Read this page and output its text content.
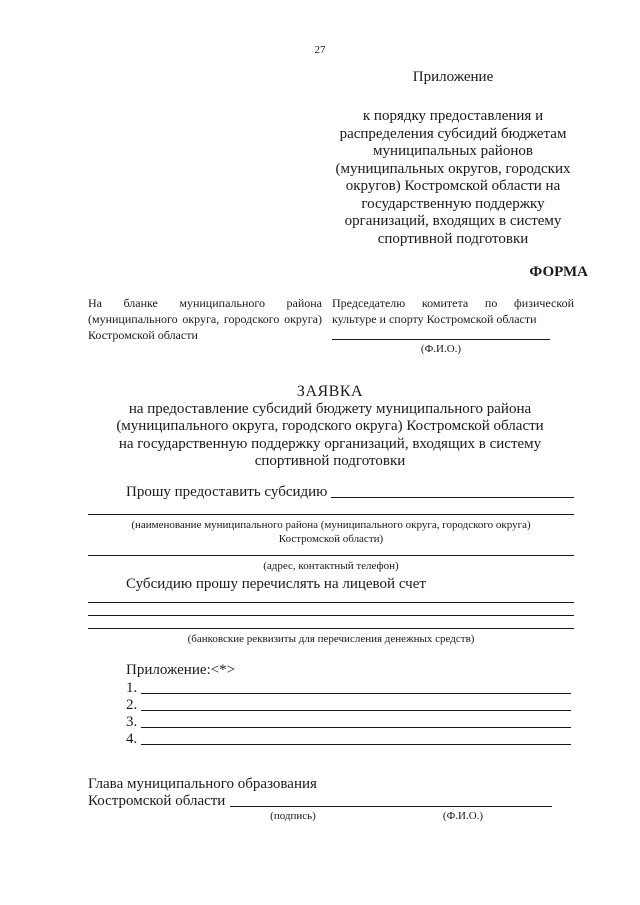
27
Приложение
к порядку предоставления и
распределения субсидий бюджетам
муниципальных районов
(муниципальных округов, городских
округов) Костромской области на
государственную поддержку
организаций, входящих в систему
спортивной подготовки
ФОРМА
На бланке муниципального района (муниципального округа, городского округа) Костромской области
Председателю комитета по физической культуре и спорту Костромской области
(Ф.И.О.)
ЗАЯВКА
на предоставление субсидий бюджету муниципального района
(муниципального округа, городского округа) Костромской области
на государственную поддержку организаций, входящих в систему
спортивной подготовки
Прошу предоставить субсидию
(наименование муниципального района (муниципального округа, городского округа)
Костромской области)
(адрес, контактный телефон)
Субсидию прошу перечислять на лицевой счет
(банковские реквизиты для перечисления денежных средств)
Приложение:<*>
1.
2.
3.
4.
Глава муниципального образования
Костромской области
(подпись)	(Ф.И.О.)
